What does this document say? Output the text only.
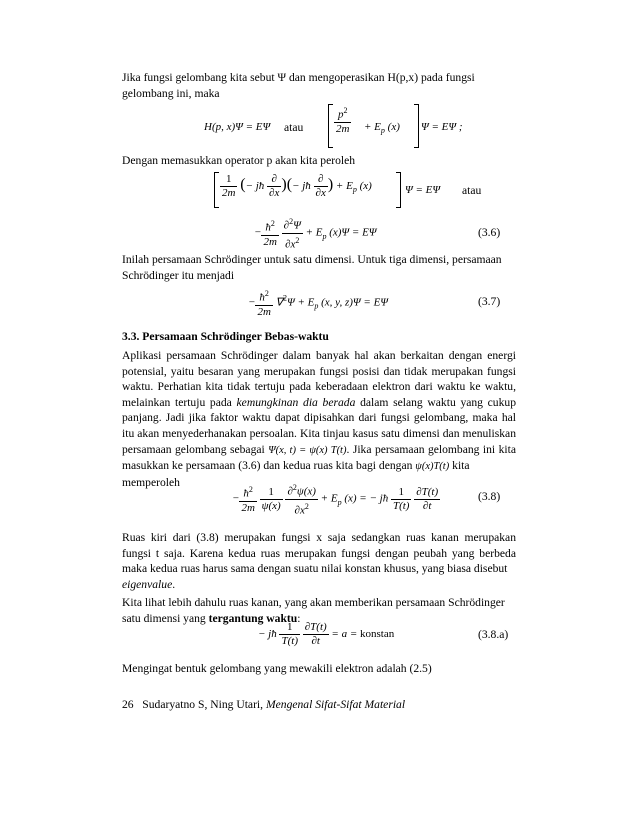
Jika fungsi gelombang kita sebut Ψ dan mengoperasikan H(p,x) pada fungsi
gelombang ini, maka

H(p, x)Ψ = EΨ atau	$\frac{p^2}{2m} + E_p$ (x) Ψ = EΨ ;

Dengan memasukkan operator p akan kita peroleh

$\frac{1}{2m}$ (− jħ $\frac{\partial}{\partial x}$ )(− jħ $\frac{\partial}{\partial x}$ ) + $E_p$ (x)	Ψ = EΨ atau
− $\frac{ħ^2}{2m}$
$\frac{\partial^2\Psi}{\partial x^2} + E_p$ (x)Ψ = EΨ	(3.6)

Inilah persamaan Schrödinger untuk satu dimensi. Untuk tiga dimensi, persamaan
Schrödinger itu menjadi

− $\frac{ħ^2}{2m} \nabla^2\Psi + E_p$ (x, y, z)Ψ = EΨ	(3.7)
3.3. Persamaan Schrödinger Bebas-waktu

Aplikasi persamaan Schrödinger dalam banyak hal akan berkaitan dengan energi potensial, yaitu besaran yang merupakan fungsi posisi dan tidak merupakan fungsi waktu. Perhatian kita tidak tertuju pada keberadaan elektron dari waktu ke waktu, melainkan tertuju pada kemungkinan dia berada dalam selang waktu yang cukup panjang. Jadi jika faktor waktu dapat dipisahkan dari fungsi gelombang, maka hal itu akan menyederhanakan persoalan. Kita tinjau kasus satu dimensi dan menuliskan persamaan gelombang sebagai Ψ(x, t) = ψ(x) T(t). Jika persamaan gelombang ini kita masukkan ke persamaan (3.6) dan kedua ruas kita bagi dengan ψ(x)T(t) kita
memperoleh

− $\frac{ħ^2}{2m}$
$\frac{1}{\psi(x)}$
$\frac{\partial^2\psi(x)}{\partial x^2} + E_p$ (x) = − jħ $\frac{1}{T(t)}$
$\frac{\partial T(t)}{\partial t}$	(3.8)

Ruas kiri dari (3.8) merupakan fungsi x saja sedangkan ruas kanan merupakan fungsi t saja. Karena kedua ruas merupakan fungsi dengan peubah yang berbeda maka kedua ruas harus sama dengan suatu nilai konstan khusus, yang biasa disebut
eigenvalue.

Kita lihat lebih dahulu ruas kanan, yang akan memberikan persamaan Schrödinger
satu dimensi yang tergantung waktu:

− jħ $\frac{1}{T(t)}$
$\frac{\partial T(t)}{\partial t} = a$ = konstan	(3.8.a)

Mengingat bentuk gelombang yang mewakili elektron adalah (2.5)

26 Sudaryatno S, Ning Utari, Mengenal Sifat-Sifat Material
